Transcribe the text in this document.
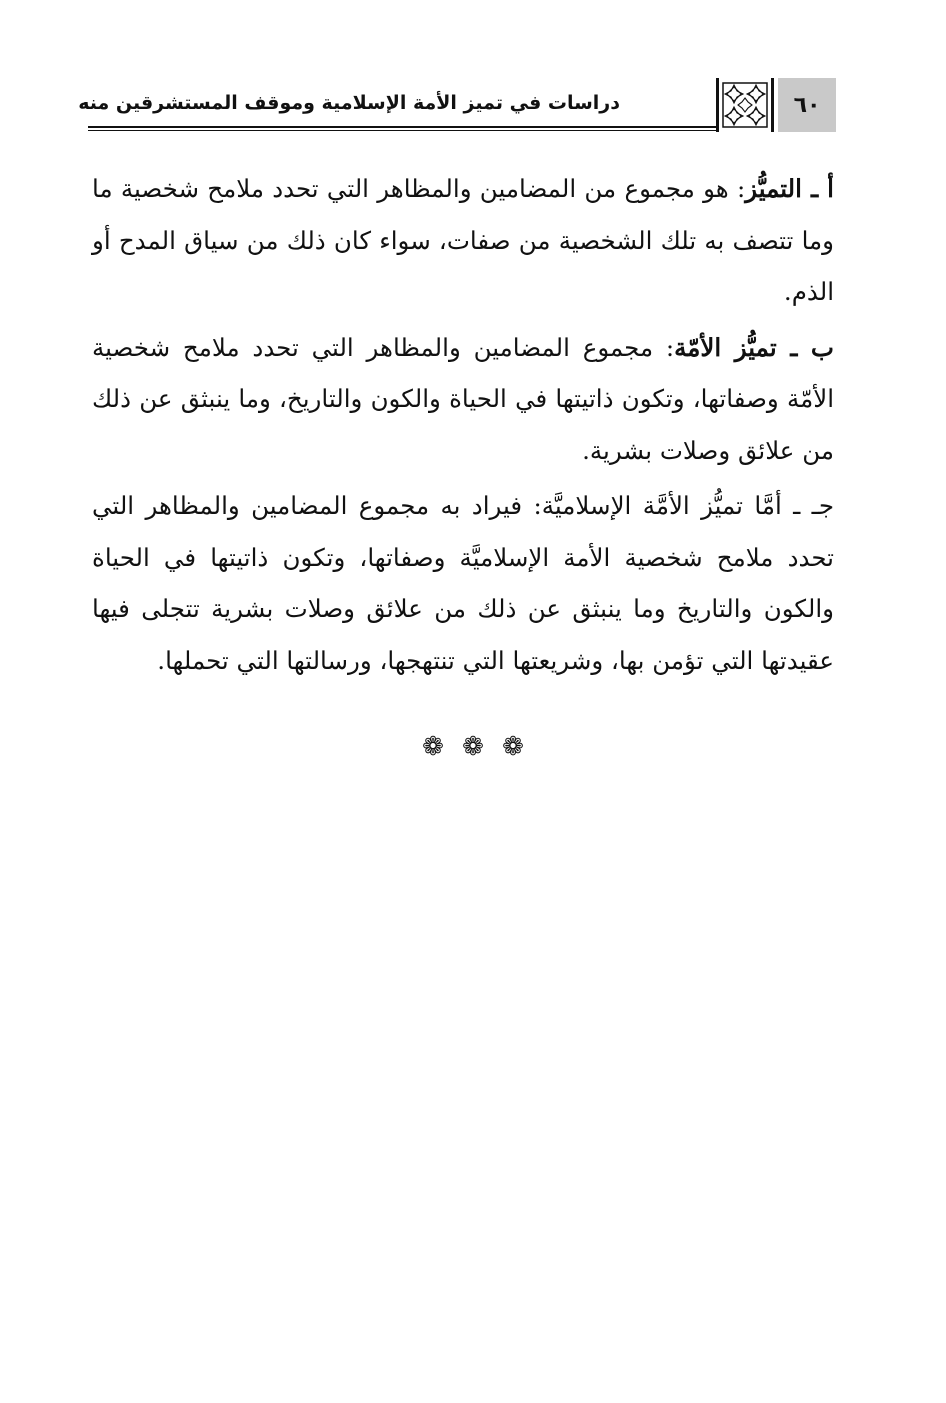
دراسات في تميز الأمة الإسلامية وموقف المستشرقين منه	٦٠

أ ـ التميُّز: هو مجموع من المضامين والمظاهر التي تحدد ملامح شخصية ما وما تتصف به تلك الشخصية من صفات، سواء كان ذلك من سياق المدح أو الذم.

ب ـ تميُّز الأمّة: مجموع المضامين والمظاهر التي تحدد ملامح شخصية الأمّة وصفاتها، وتكون ذاتيتها في الحياة والكون والتاريخ، وما ينبثق عن ذلك من علائق وصلات بشرية.

جـ ـ أمَّا تميُّز الأمَّة الإسلاميَّة: فيراد به مجموع المضامين والمظاهر التي تحدد ملامح شخصية الأمة الإسلاميَّة وصفاتها، وتكون ذاتيتها في الحياة والكون والتاريخ وما ينبثق عن ذلك من علائق وصلات بشرية تتجلى فيها عقيدتها التي تؤمن بها، وشريعتها التي تنتهجها، ورسالتها التي تحملها.

❁
❁
❁
